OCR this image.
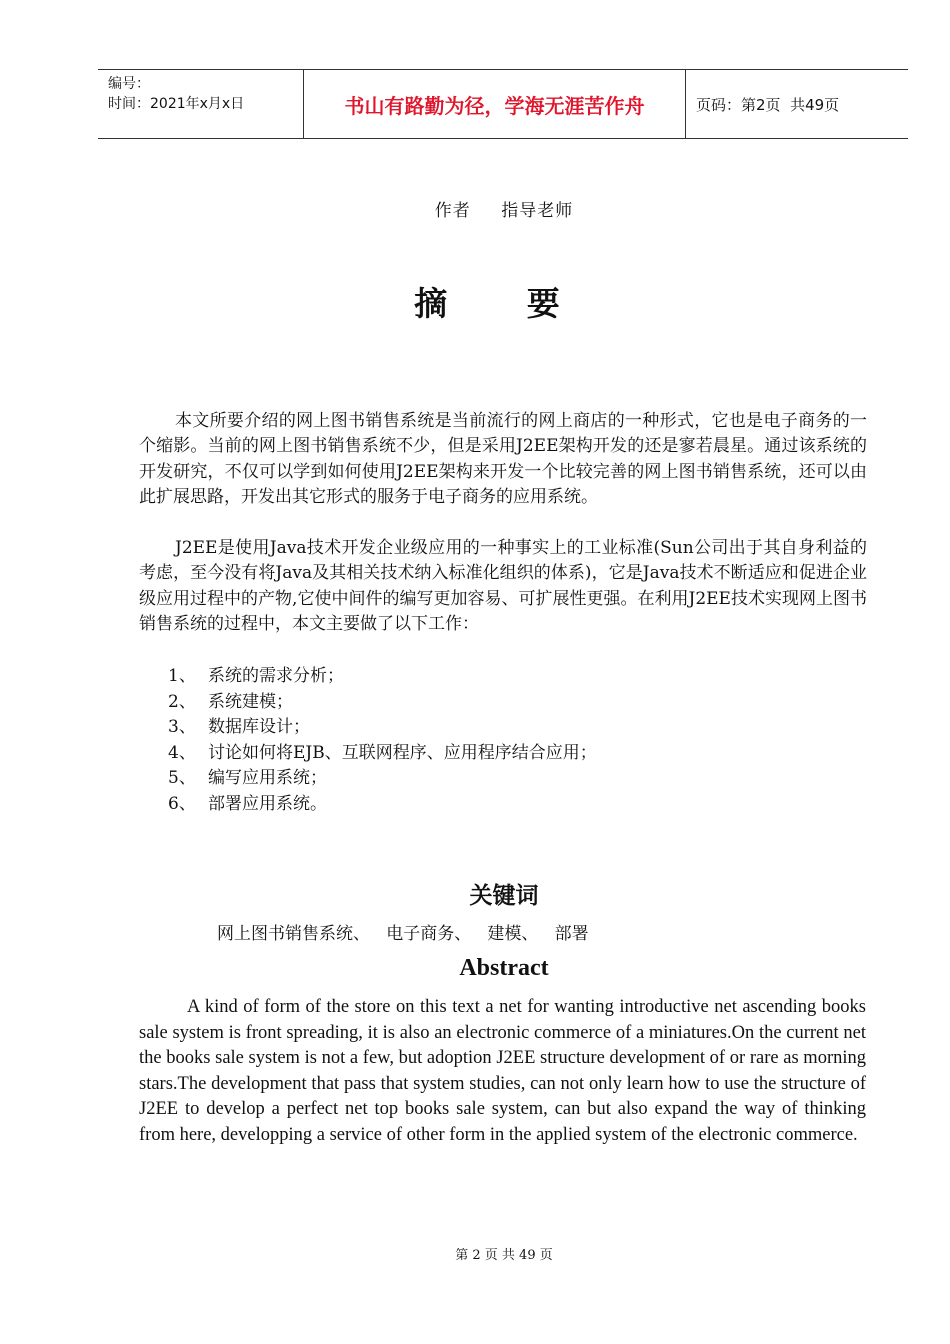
编号：
时间：2021年x月x日	书山有路勤为径，学海无涯苦作舟	页码：第2页  共49页
作者 指导老师
摘 要
本文所要介绍的网上图书销售系统是当前流行的网上商店的一种形式，它也是电子商务的一个缩影。当前的网上图书销售系统不少，但是采用J2EE架构开发的还是寥若晨星。通过该系统的开发研究，不仅可以学到如何使用J2EE架构来开发一个比较完善的网上图书销售系统，还可以由此扩展思路，开发出其它形式的服务于电子商务的应用系统。
J2EE是使用Java技术开发企业级应用的一种事实上的工业标准(Sun公司出于其自身利益的考虑，至今没有将Java及其相关技术纳入标准化组织的体系)，它是Java技术不断适应和促进企业级应用过程中的产物,它使中间件的编写更加容易、可扩展性更强。在利用J2EE技术实现网上图书销售系统的过程中，本文主要做了以下工作：
1、 系统的需求分析；
2、 系统建模；
3、 数据库设计；
4、 讨论如何将EJB、互联网程序、应用程序结合应用；
5、 编写应用系统；
6、 部署应用系统。
关键词
网上图书销售系统、   电子商务、   建模、   部署
Abstract
A kind of form of the store on this text a net for wanting introductive net ascending books sale system is front spreading, it is also an electronic commerce of a miniatures.On the current net the books sale system is not a few, but adoption J2EE structure development of or rare as morning stars.The development that pass that system studies, can not only learn how to use the structure of J2EE to develop a perfect net top books sale system, can but also expand the way of thinking from here, developping a service of other form in the applied system of the electronic commerce.
第 2 页 共 49 页
